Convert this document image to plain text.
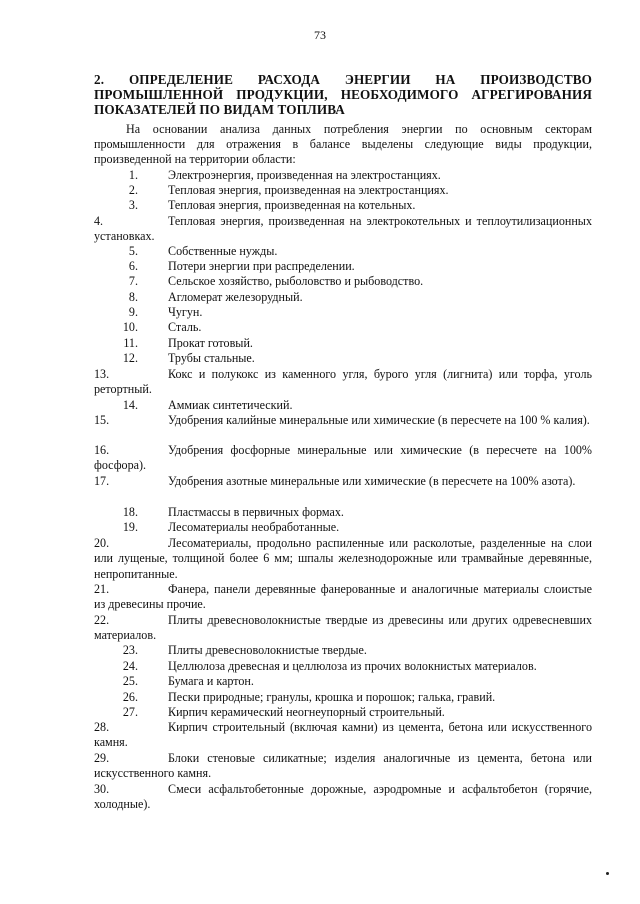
73
2. ОПРЕДЕЛЕНИЕ РАСХОДА ЭНЕРГИИ НА ПРОИЗВОДСТВО ПРОМЫШЛЕННОЙ ПРОДУКЦИИ, НЕОБХОДИМОГО АГРЕГИРОВАНИЯ ПОКАЗАТЕЛЕЙ ПО ВИДАМ ТОПЛИВА
На основании анализа данных потребления энергии по основным секторам промышленности для отражения в балансе выделены следующие виды продукции, произведенной на территории области:
1. Электроэнергия, произведенная на электростанциях.
2. Тепловая энергия, произведенная на электростанциях.
3. Тепловая энергия, произведенная на котельных.
4.	Тепловая энергия, произведенная на электрокотельных и теплоутилизационных установках.
5. Собственные нужды.
6. Потери энергии при распределении.
7. Сельское хозяйство, рыболовство и рыбоводство.
8. Агломерат железорудный.
9. Чугун.
10. Сталь.
11. Прокат готовый.
12. Трубы стальные.
13.	Кокс и полукокс из каменного угля, бурого угля (лигнита) или торфа, уголь ретортный.
14. Аммиак синтетический.
15.	Удобрения калийные минеральные или химические (в пересчете на 100 % калия).
16.	Удобрения фосфорные минеральные или химические (в пересчете на 100% фосфора).
17.	Удобрения азотные минеральные или химические (в пересчете на 100% азота).
18. Пластмассы в первичных формах.
19. Лесоматериалы необработанные.
20.	Лесоматериалы, продольно распиленные или расколотые, разделенные на слои или лущеные, толщиной более 6 мм; шпалы железнодорожные или трамвайные деревянные, непропитанные.
21.	Фанера, панели деревянные фанерованные и аналогичные материалы слоистые из древесины прочие.
22.	Плиты древесноволокнистые твердые из древесины или других одревесневших материалов.
23. Плиты древесноволокнистые твердые.
24. Целлюлоза древесная и целлюлоза из прочих волокнистых материалов.
25. Бумага и картон.
26. Пески природные; гранулы, крошка и порошок; галька, гравий.
27. Кирпич керамический неогнеупорный строительный.
28.	Кирпич строительный (включая камни) из цемента, бетона или искусственного камня.
29.	Блоки стеновые силикатные; изделия аналогичные из цемента, бетона или искусственного камня.
30.	Смеси асфальтобетонные дорожные, аэродромные и асфальтобетон (горячие, холодные).
